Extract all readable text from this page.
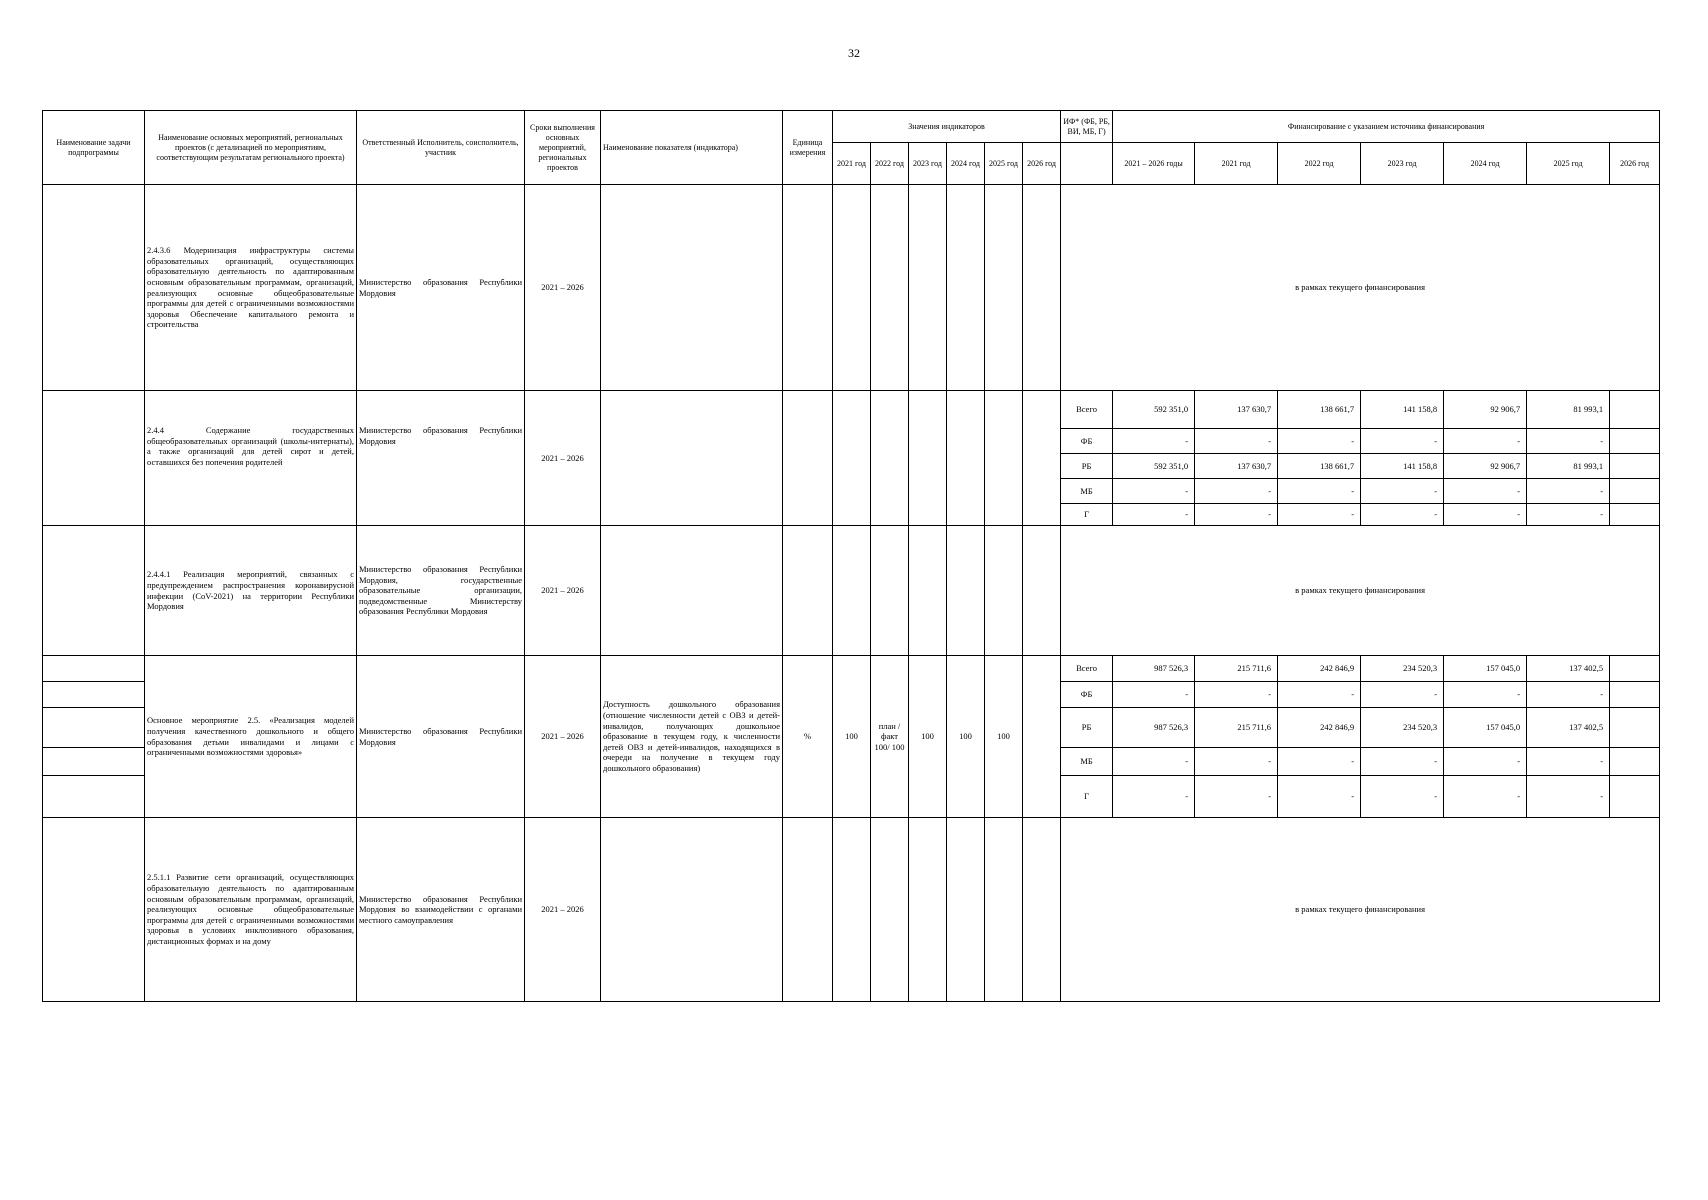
32
Наименование задачи подпрограммы	Наименование основных мероприятий, региональных проектов (с детализацией по мероприятиям, соответствующим результатам регионального проекта)	Ответственный Исполнитель, соисполнитель, участник	Сроки выполнения основных мероприятий, региональных проектов	Наименование показателя (индикатора)	Единица измерения	Значения индикаторов						ИФ* (ФБ, РБ, ВИ, МБ, Г)	Финансирование с указанием источника финансирования						
						2021 год	2022 год	2023 год	2024 год	2025 год	2026 год		2021 – 2026 годы	2021 год	2022 год	2023 год	2024 год	2025 год	2026 год
	2.4.3.6 Модернизация инфраструктуры системы образовательных организаций, осуществляющих образовательную деятельность по адаптированным основным образовательным программам, организаций, реализующих основные общеобразовательные программы для детей с ограниченными возможностями здоровья Обеспечение капитального ремонта и строительства	Министерство образования Республики Мордовия	2021 – 2026									в рамках текущего финансирования							
	2.4.4 Содержание государственных общеобразовательных организаций (школы-интернаты), а также организаций для детей сирот и детей, оставшихся без попечения родителей	Министерство образования Республики Мордовия	2021 – 2026									Всего	592 351,0	137 630,7	138 661,7	141 158,8	92 906,7	81 993,1	
												ФБ	-	-	-	-	-	-	
												РБ	592 351,0	137 630,7	138 661,7	141 158,8	92 906,7	81 993,1	
												МБ	-	-	-	-	-	-	
												Г	-	-	-	-	-	-	
	2.4.4.1 Реализация мероприятий, связанных с предупреждением распространения коронавирусной инфекции (CoV-2021) на территории Республики Мордовия	Министерство образования Республики Мордовия, государственные образовательные организации, подведомственные Министерству образования Республики Мордовия	2021 – 2026									в рамках текущего финансирования							
	Основное мероприятие 2.5. «Реализация моделей получения качественного дошкольного и общего образования детьми инвалидами и лицами с ограниченными возможностями здоровья»	Министерство образования Республики Мордовия	2021 – 2026	Доступность дошкольного образования (отношение численности детей с ОВЗ и детей-инвалидов, получающих дошкольное образование в текущем году, к численности детей ОВЗ и детей-инвалидов, находящихся в очереди на получение в текущем году дошкольного образования)	%	100	план /факт 100/ 100	100	100	100		Всего	987 526,3	215 711,6	242 846,9	234 520,3	157 045,0	137 402,5	
												ФБ	-	-	-	-	-	-	
												РБ	987 526,3	215 711,6	242 846,9	234 520,3	157 045,0	137 402,5	
												МБ	-	-	-	-	-	-	
												Г	-	-	-	-	-	-	
	2.5.1.1 Развитие сети организаций, осуществляющих образовательную деятельность по адаптированным основным образовательным программам, организаций, реализующих основные общеобразовательные программы для детей с ограниченными возможностями здоровья в условиях инклюзивного образования, дистанционных формах и на дому	Министерство образования Республики Мордовия во взаимодействии с органами местного самоуправления	2021 – 2026									в рамках текущего финансирования							
